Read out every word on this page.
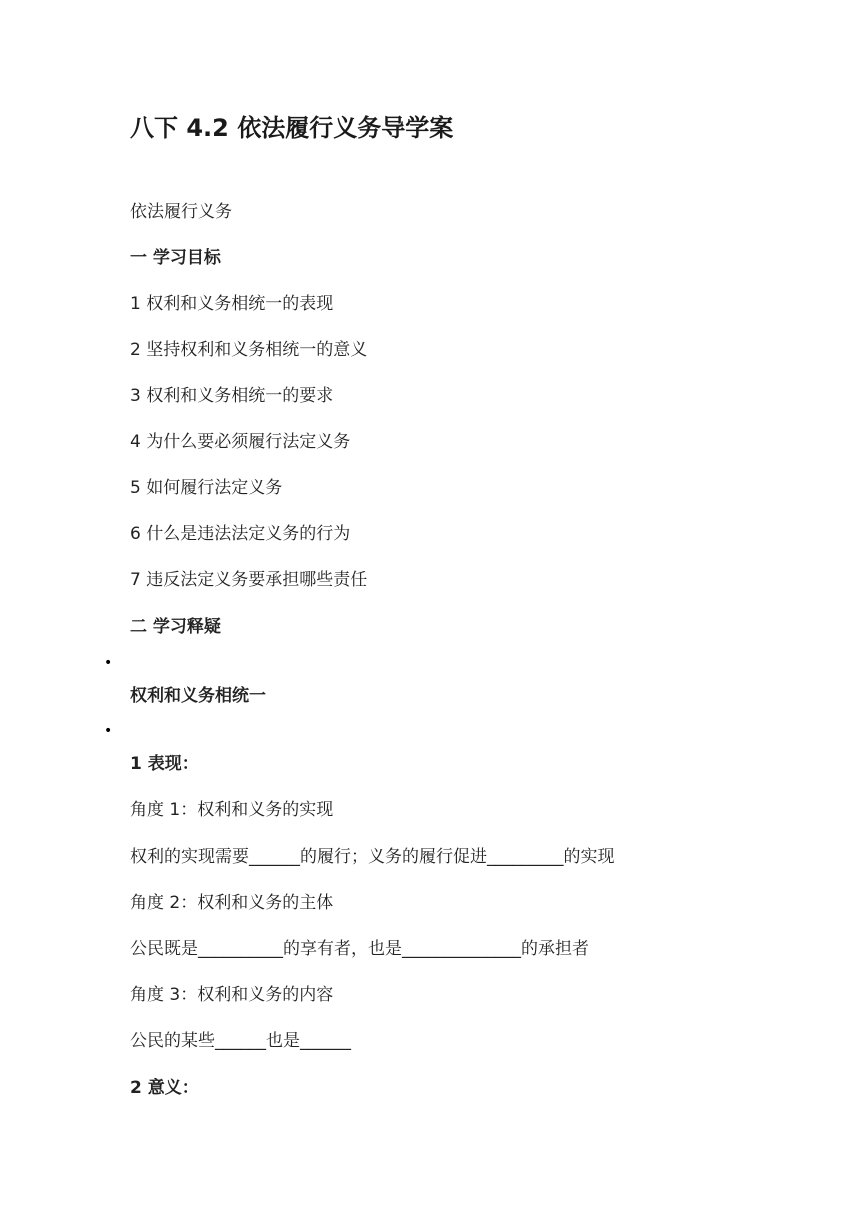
八下 4.2 依法履行义务导学案
依法履行义务
一 学习目标
1 权利和义务相统一的表现
2 坚持权利和义务相统一的意义
3 权利和义务相统一的要求
4 为什么要必须履行法定义务
5 如何履行法定义务
6 什么是违法法定义务的行为
7 违反法定义务要承担哪些责任
二 学习释疑
•
权利和义务相统一
•
1 表现：
角度 1：权利和义务的实现
权利的实现需要______的履行；义务的履行促进_________的实现
角度 2：权利和义务的主体
公民既是__________的享有者，也是______________的承担者
角度 3：权利和义务的内容
公民的某些______也是______
2 意义：
